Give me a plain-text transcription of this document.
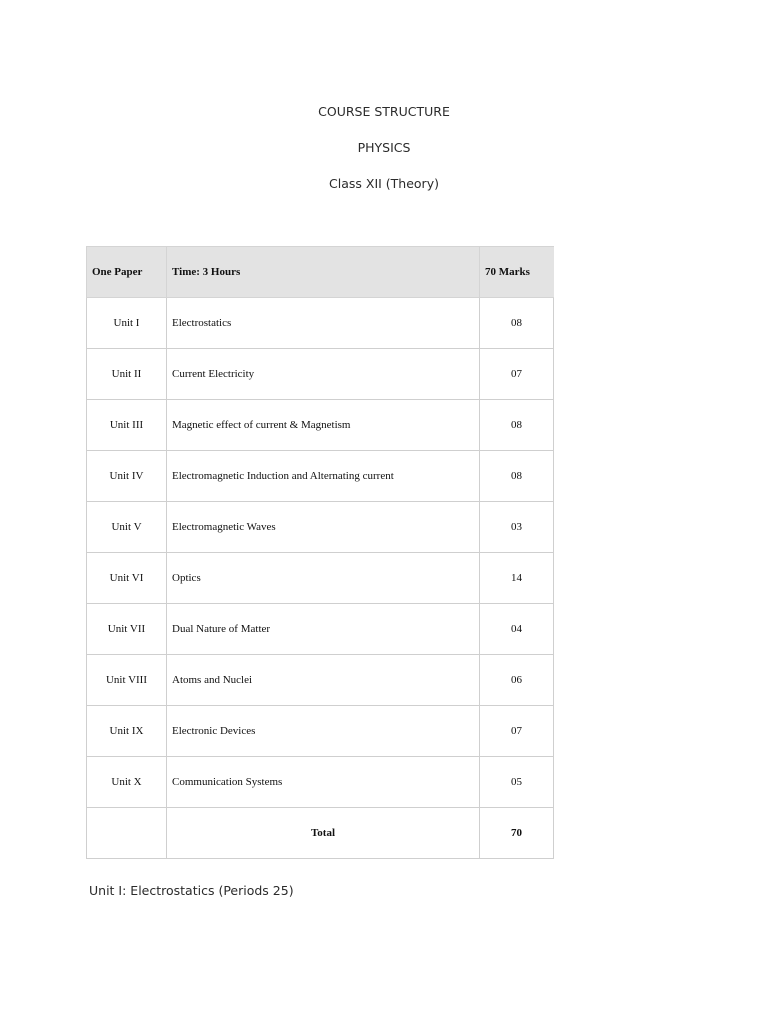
COURSE STRUCTURE
PHYSICS
Class XII (Theory)
One Paper	Time: 3 Hours	70 Marks
Unit I	Electrostatics	08
Unit II	Current Electricity	07
Unit III	Magnetic effect of current & Magnetism	08
Unit IV	Electromagnetic Induction and Alternating current	08
Unit V	Electromagnetic Waves	03
Unit VI	Optics	14
Unit VII	Dual Nature of Matter	04
Unit VIII	Atoms and Nuclei	06
Unit IX	Electronic Devices	07
Unit X	Communication Systems	05
	Total	70
Unit I: Electrostatics (Periods 25)
